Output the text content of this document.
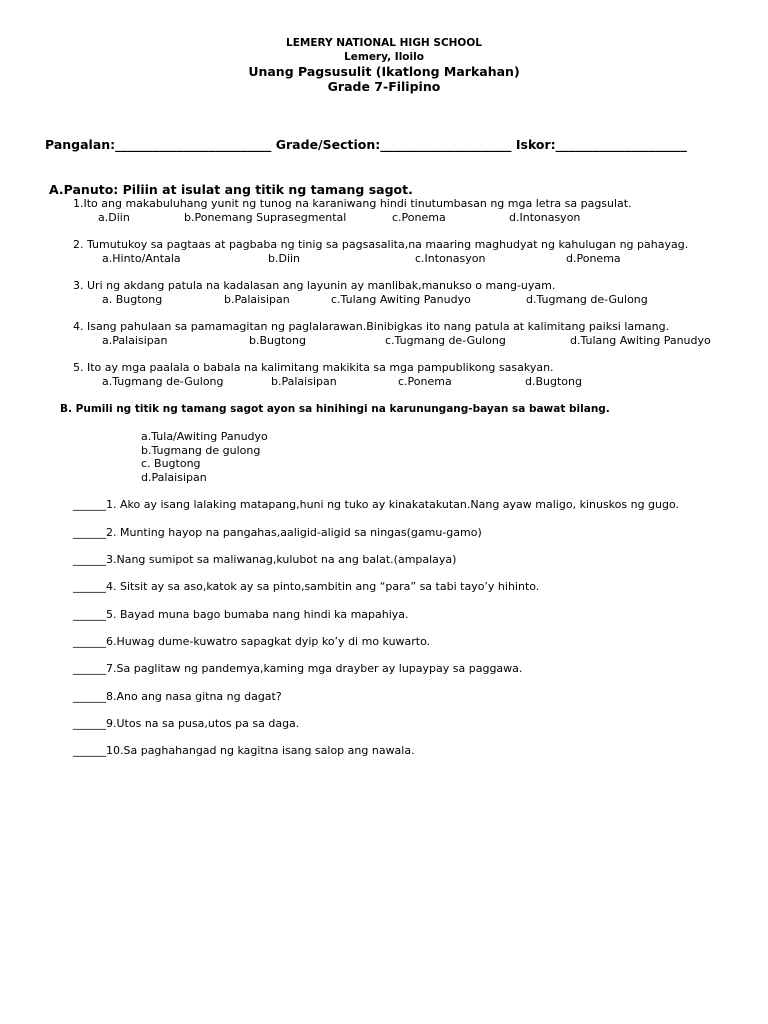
LEMERY NATIONAL HIGH SCHOOL
Lemery, Iloilo
Unang Pagsusulit (Ikatlong Markahan)
Grade 7-Filipino
Pangalan:_________________________ Grade/Section:_____________________ Iskor:_____________________
A.Panuto: Piliin at isulat ang titik ng tamang sagot.
1.Ito ang makabuluhang yunit ng tunog na karaniwang hindi tinutumbasan ng mga letra sa pagsulat.
a.Diin	b.Ponemang Suprasegmental	c.Ponema	d.Intonasyon
2. Tumutukoy sa pagtaas at pagbaba ng tinig sa pagsasalita,na maaring maghudyat ng kahulugan ng pahayag.
a.Hinto/Antala	b.Diin	c.Intonasyon	d.Ponema
3. Uri ng akdang patula na kadalasan ang layunin ay manlibak,manukso o mang-uyam.
a. Bugtong	b.Palaisipan	c.Tulang Awiting Panudyo	d.Tugmang de-Gulong
4. Isang pahulaan sa pamamagitan ng paglalarawan.Binibigkas ito nang patula at kalimitang paiksi lamang.
a.Palaisipan	b.Bugtong	c.Tugmang de-Gulong	d.Tulang Awiting Panudyo
5. Ito ay mga paalala o babala na kalimitang makikita sa mga pampublikong sasakyan.
a.Tugmang de-Gulong	b.Palaisipan	c.Ponema	d.Bugtong
B. Pumili ng titik ng tamang sagot ayon sa hinihingi na karunungang-bayan sa bawat bilang.
a.Tula/Awiting Panudyo
b.Tugmang de gulong
c. Bugtong
d.Palaisipan
______1. Ako ay isang lalaking matapang,huni ng tuko ay kinakatakutan.Nang ayaw maligo, kinuskos ng gugo.
______2. Munting hayop na pangahas,aaligid-aligid sa ningas(gamu-gamo)
______3.Nang sumipot sa maliwanag,kulubot na ang balat.(ampalaya)
______4. Sitsit ay sa aso,katok ay sa pinto,sambitin ang “para” sa tabi tayo’y hihinto.
______5. Bayad muna bago bumaba nang hindi ka mapahiya.
______6.Huwag dume-kuwatro sapagkat dyip ko’y di mo kuwarto.
______7.Sa paglitaw ng pandemya,kaming mga drayber ay lupaypay sa paggawa.
______8.Ano ang nasa gitna ng dagat?
______9.Utos na sa pusa,utos pa sa daga.
______10.Sa paghahangad ng kagitna isang salop ang nawala.
